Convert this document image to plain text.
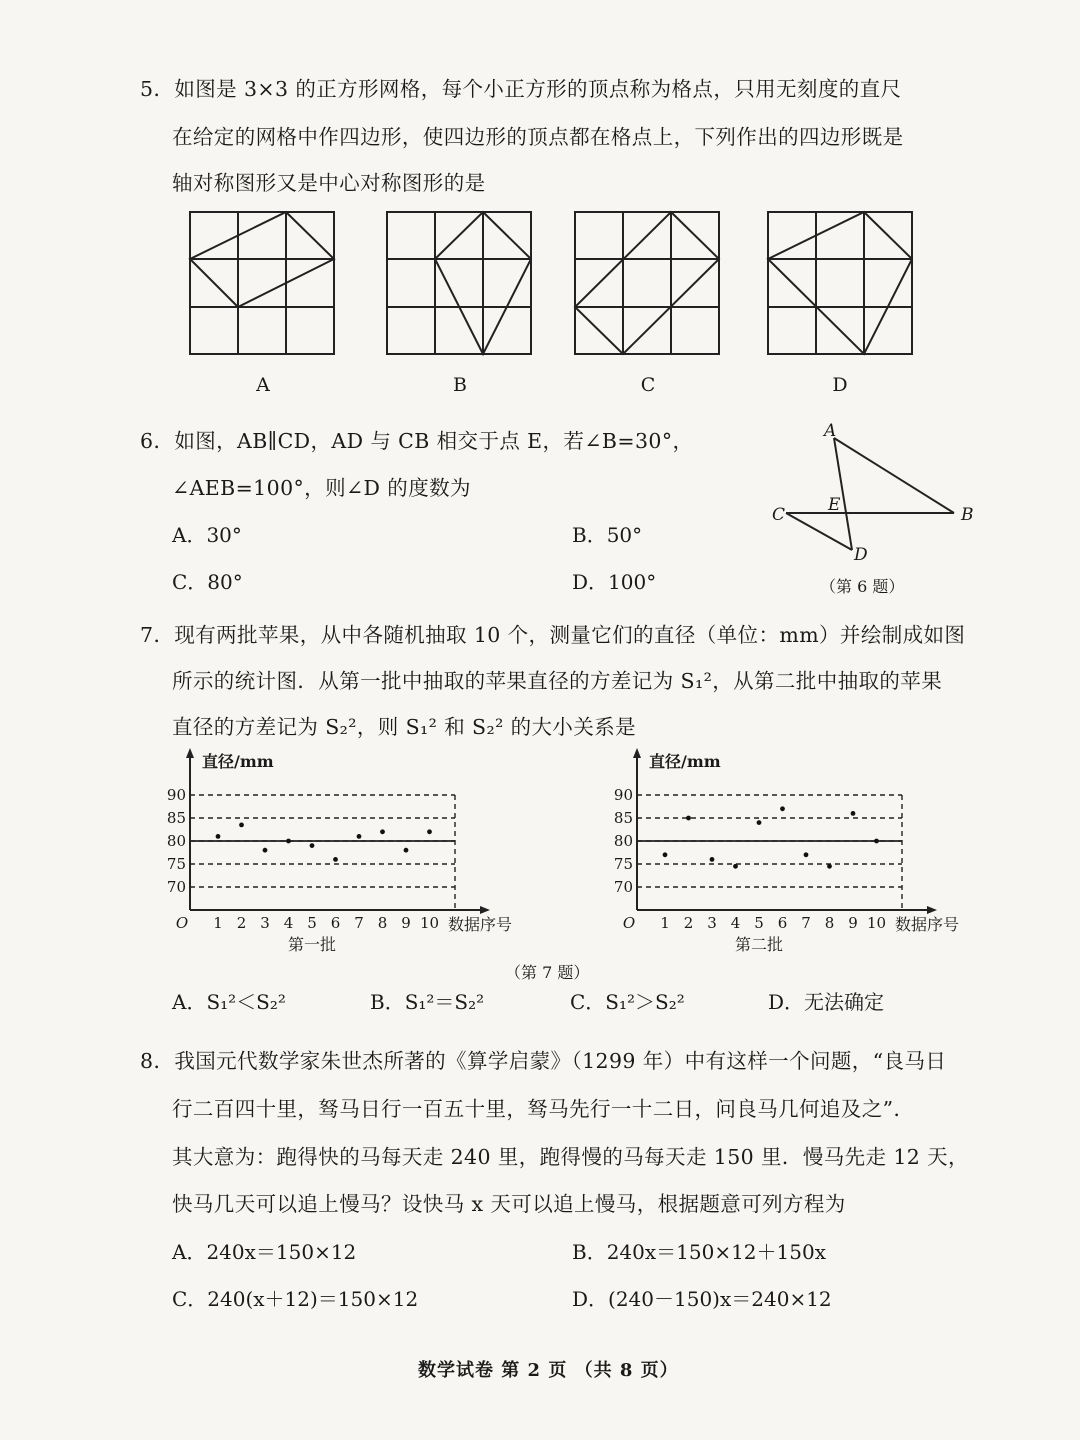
5．如图是 3×3 的正方形网格，每个小正方形的顶点称为格点，只用无刻度的直尺
在给定的网格中作四边形，使四边形的顶点都在格点上，下列作出的四边形既是
轴对称图形又是中心对称图形的是
A	B	C	D
6．如图，AB∥CD，AD 与 CB 相交于点 E，若∠B=30°，
∠AEB=100°，则∠D 的度数为
A．30°	B．50°
C．80°	D．100°
A
B
C
D
E
（第 6 题）
7．现有两批苹果，从中各随机抽取 10 个，测量它们的直径（单位：mm）并绘制成如图
所示的统计图．从第一批中抽取的苹果直径的方差记为 S₁²，从第二批中抽取的苹果
直径的方差记为 S₂²，则 S₁² 和 S₂² 的大小关系是
70
75
80
85
90
1 2 3 4 5 6 7 8 9 10
O
直径/mm
数据序号
第一批
70
75
80
85
90
1 2 3 4 5 6 7 8 9 10
O
直径/mm
数据序号
第二批
（第 7 题）
A．S₁²＜S₂²	B．S₁²＝S₂²	C．S₁²＞S₂²	D．无法确定
8．我国元代数学家朱世杰所著的《算学启蒙》（1299 年）中有这样一个问题，“良马日
行二百四十里，驽马日行一百五十里，驽马先行一十二日，问良马几何追及之”．
其大意为：跑得快的马每天走 240 里，跑得慢的马每天走 150 里．慢马先走 12 天，
快马几天可以追上慢马？设快马 x 天可以追上慢马，根据题意可列方程为
A．240x＝150×12	B．240x＝150×12＋150x
C．240(x＋12)＝150×12	D．(240－150)x＝240×12
数学试卷 第 2 页 （共 8 页）
